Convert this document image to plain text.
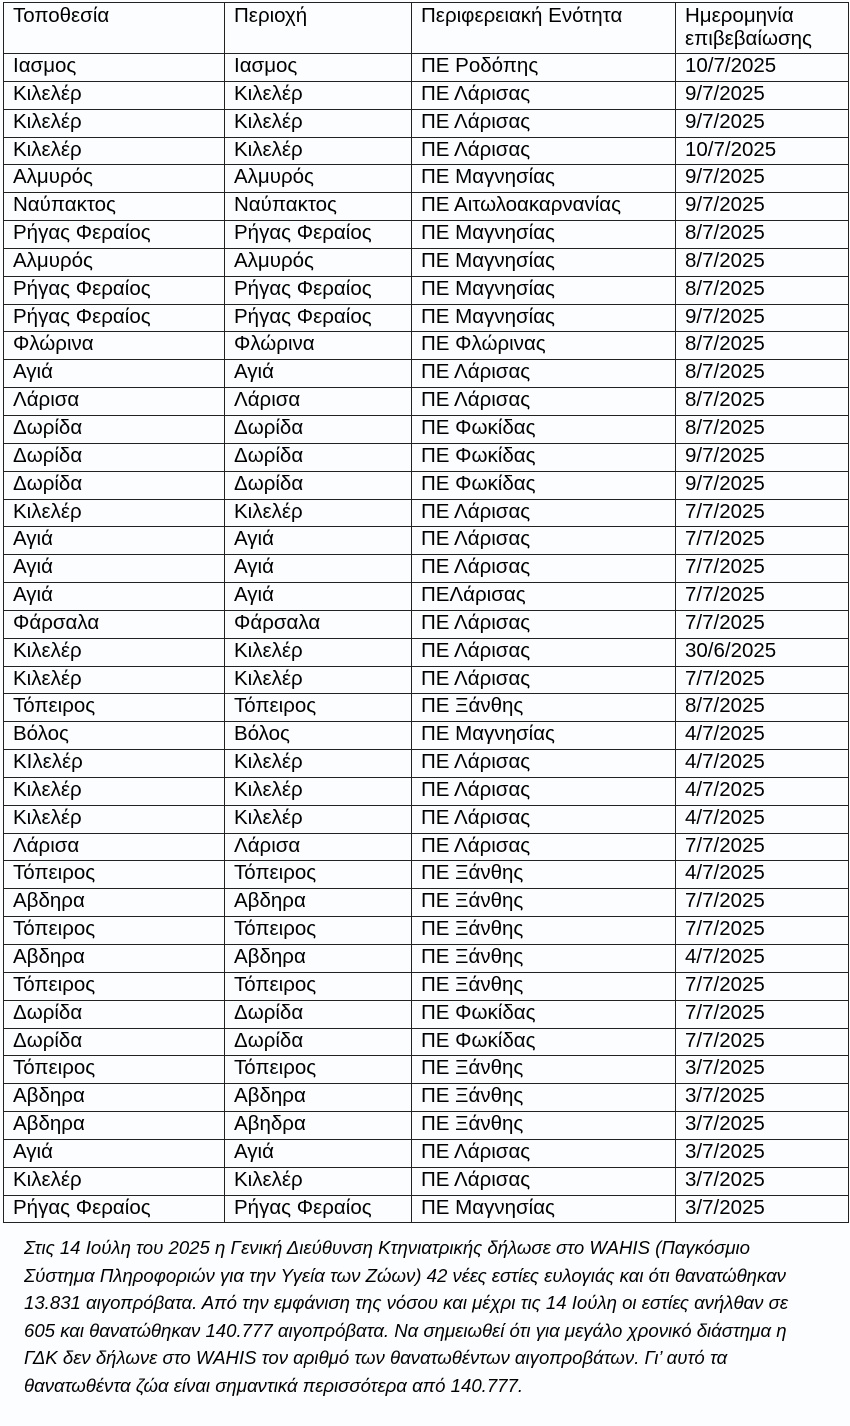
Τοποθεσία	Περιοχή	Περιφερειακή Ενότητα	Ημερομηνία επιβεβαίωσης
Ιασμος	Ιασμος	ΠΕ Ροδόπης	10/7/2025
Κιλελέρ	Κιλελέρ	ΠΕ Λάρισας	9/7/2025
Κιλελέρ	Κιλελέρ	ΠΕ Λάρισας	9/7/2025
Κιλελέρ	Κιλελέρ	ΠΕ Λάρισας	10/7/2025
Αλμυρός	Αλμυρός	ΠΕ Μαγνησίας	9/7/2025
Ναύπακτος	Ναύπακτος	ΠΕ Αιτωλοακαρνανίας	9/7/2025
Ρήγας Φεραίος	Ρήγας Φεραίος	ΠΕ Μαγνησίας	8/7/2025
Αλμυρός	Αλμυρός	ΠΕ Μαγνησίας	8/7/2025
Ρήγας Φεραίος	Ρήγας Φεραίος	ΠΕ Μαγνησίας	8/7/2025
Ρήγας Φεραίος	Ρήγας Φεραίος	ΠΕ Μαγνησίας	9/7/2025
Φλώρινα	Φλώρινα	ΠΕ Φλώρινας	8/7/2025
Αγιά	Αγιά	ΠΕ Λάρισας	8/7/2025
Λάρισα	Λάρισα	ΠΕ Λάρισας	8/7/2025
Δωρίδα	Δωρίδα	ΠΕ Φωκίδας	8/7/2025
Δωρίδα	Δωρίδα	ΠΕ Φωκίδας	9/7/2025
Δωρίδα	Δωρίδα	ΠΕ Φωκίδας	9/7/2025
Κιλελέρ	Κιλελέρ	ΠΕ Λάρισας	7/7/2025
Αγιά	Αγιά	ΠΕ Λάρισας	7/7/2025
Αγιά	Αγιά	ΠΕ Λάρισας	7/7/2025
Αγιά	Αγιά	ΠΕΛάρισας	7/7/2025
Φάρσαλα	Φάρσαλα	ΠΕ Λάρισας	7/7/2025
Κιλελέρ	Κιλελέρ	ΠΕ Λάρισας	30/6/2025
Κιλελέρ	Κιλελέρ	ΠΕ Λάρισας	7/7/2025
Τόπειρος	Τόπειρος	ΠΕ Ξάνθης	8/7/2025
Βόλος	Βόλος	ΠΕ Μαγνησίας	4/7/2025
ΚΙλελέρ	Κιλελέρ	ΠΕ Λάρισας	4/7/2025
Κιλελέρ	Κιλελέρ	ΠΕ Λάρισας	4/7/2025
Κιλελέρ	Κιλελέρ	ΠΕ Λάρισας	4/7/2025
Λάρισα	Λάρισα	ΠΕ Λάρισας	7/7/2025
Τόπειρος	Τόπειρος	ΠΕ Ξάνθης	4/7/2025
Αβδηρα	Αβδηρα	ΠΕ Ξάνθης	7/7/2025
Τόπειρος	Τόπειρος	ΠΕ Ξάνθης	7/7/2025
Αβδηρα	Αβδηρα	ΠΕ Ξάνθης	4/7/2025
Τόπειρος	Τόπειρος	ΠΕ Ξάνθης	7/7/2025
Δωρίδα	Δωρίδα	ΠΕ Φωκίδας	7/7/2025
Δωρίδα	Δωρίδα	ΠΕ Φωκίδας	7/7/2025
Τόπειρος	Τόπειρος	ΠΕ Ξάνθης	3/7/2025
Αβδηρα	Αβδηρα	ΠΕ Ξάνθης	3/7/2025
Αβδηρα	Αβηδρα	ΠΕ Ξάνθης	3/7/2025
Αγιά	Αγιά	ΠΕ Λάρισας	3/7/2025
Κιλελέρ	Κιλελέρ	ΠΕ Λάρισας	3/7/2025
Ρήγας Φεραίος	Ρήγας Φεραίος	ΠΕ Μαγνησίας	3/7/2025

Στις 14 Ιούλη του 2025 η Γενική Διεύθυνση Κτηνιατρικής δήλωσε στο WAHIS (Παγκόσμιο Σύστημα Πληροφοριών για την Υγεία των Ζώων) 42 νέες εστίες ευλογιάς και ότι θανατώθηκαν 13.831 αιγοπρόβατα. Από την εμφάνιση της νόσου και μέχρι τις 14 Ιούλη οι εστίες ανήλθαν σε 605 και θανατώθηκαν 140.777 αιγοπρόβατα. Να σημειωθεί ότι για μεγάλο χρονικό διάστημα η ΓΔΚ δεν δήλωνε στο WAHIS τον αριθμό των θανατωθέντων αιγοπροβάτων. Γι’ αυτό τα θανατωθέντα ζώα είναι σημαντικά περισσότερα από 140.777.
